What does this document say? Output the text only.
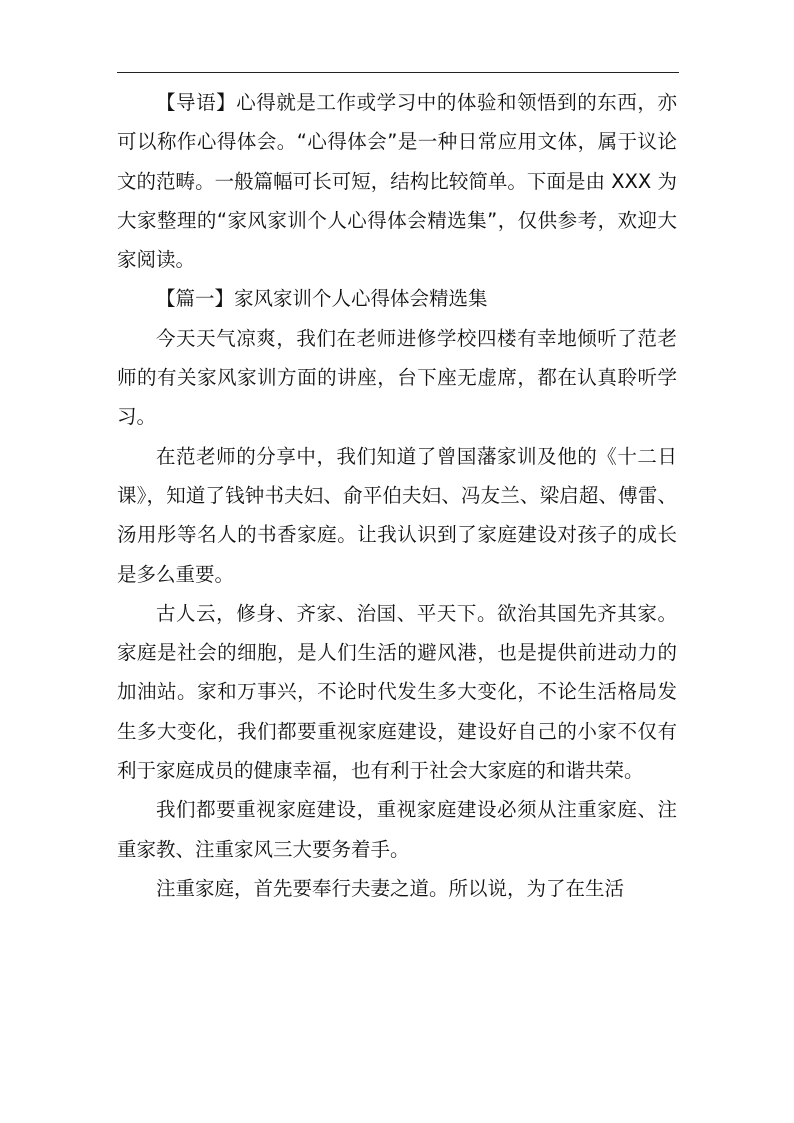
【导语】心得就是工作或学习中的体验和领悟到的东西，亦可以称作心得体会。“心得体会”是一种日常应用文体，属于议论文的范畴。一般篇幅可长可短，结构比较简单。下面是由 XXX 为大家整理的“家风家训个人心得体会精选集”，仅供参考，欢迎大家阅读。

【篇一】家风家训个人心得体会精选集

今天天气凉爽，我们在老师进修学校四楼有幸地倾听了范老师的有关家风家训方面的讲座，台下座无虚席，都在认真聆听学习。

在范老师的分享中，我们知道了曾国藩家训及他的《十二日课》，知道了钱钟书夫妇、俞平伯夫妇、冯友兰、梁启超、傅雷、汤用彤等名人的书香家庭。让我认识到了家庭建设对孩子的成长是多么重要。

古人云，修身、齐家、治国、平天下。欲治其国先齐其家。家庭是社会的细胞，是人们生活的避风港，也是提供前进动力的加油站。家和万事兴，不论时代发生多大变化，不论生活格局发生多大变化，我们都要重视家庭建设，建设好自己的小家不仅有利于家庭成员的健康幸福，也有利于社会大家庭的和谐共荣。

我们都要重视家庭建设，重视家庭建设必须从注重家庭、注重家教、注重家风三大要务着手。

注重家庭，首先要奉行夫妻之道。所以说，为了在生活
